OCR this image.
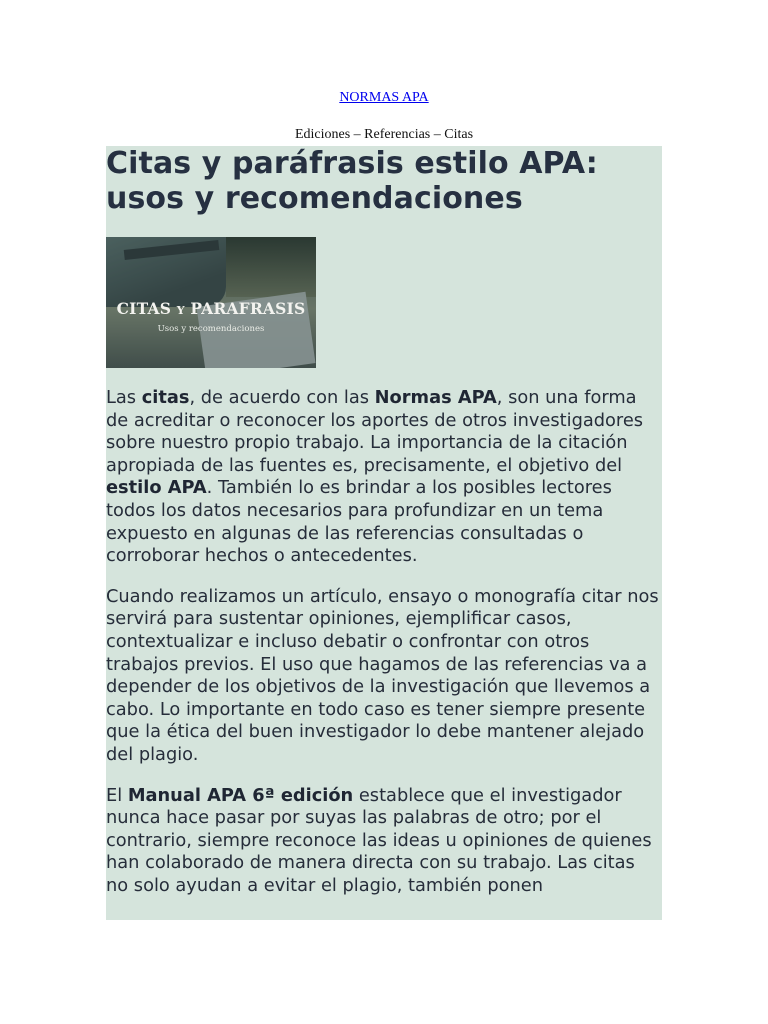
NORMAS APA
Ediciones – Referencias – Citas
Citas y paráfrasis estilo APA: usos y recomendaciones
CITAS Y PARAFRASIS
Usos y recomendaciones

Las citas, de acuerdo con las Normas APA, son una forma de acreditar o reconocer los aportes de otros investigadores sobre nuestro propio trabajo. La importancia de la citación apropiada de las fuentes es, precisamente, el objetivo del estilo APA. También lo es brindar a los posibles lectores todos los datos necesarios para profundizar en un tema expuesto en algunas de las referencias consultadas o corroborar hechos o antecedentes.

Cuando realizamos un artículo, ensayo o monografía citar nos servirá para sustentar opiniones, ejemplificar casos, contextualizar e incluso debatir o confrontar con otros trabajos previos. El uso que hagamos de las referencias va a depender de los objetivos de la investigación que llevemos a cabo. Lo importante en todo caso es tener siempre presente que la ética del buen investigador lo debe mantener alejado del plagio.

El Manual APA 6ª edición establece que el investigador nunca hace pasar por suyas las palabras de otro; por el contrario, siempre reconoce las ideas u opiniones de quienes han colaborado de manera directa con su trabajo. Las citas no solo ayudan a evitar el plagio, también ponen
